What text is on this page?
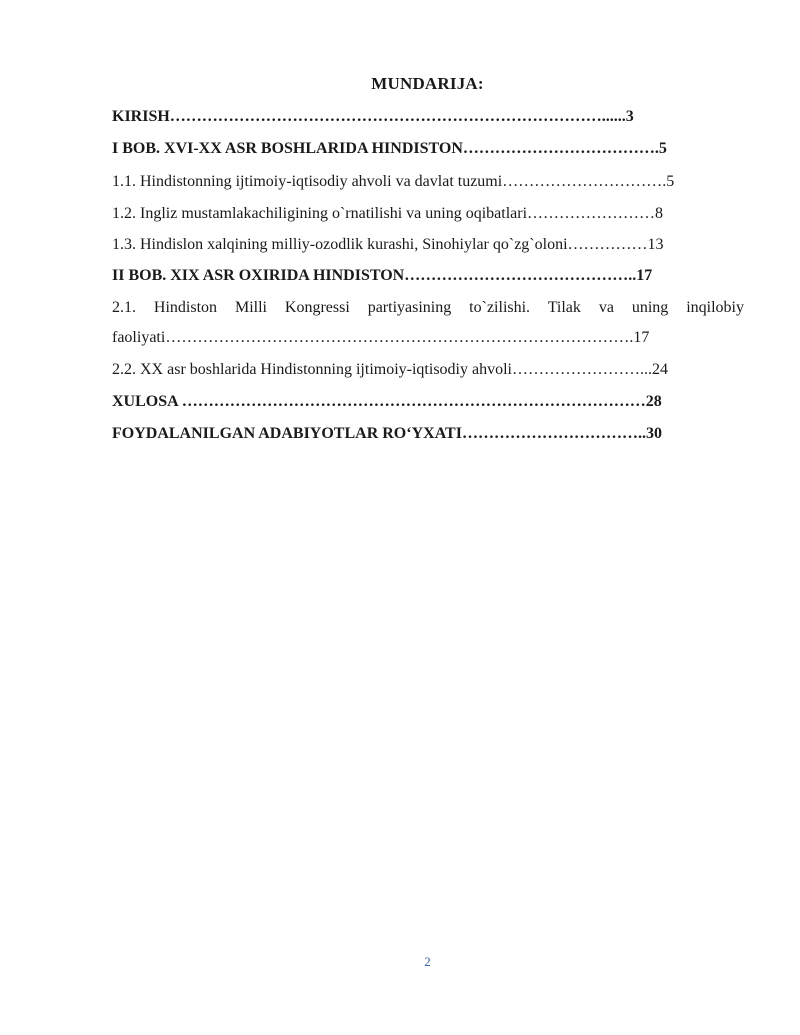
MUNDARIJA:
KIRISH………………………………………………………………………......3
I BOB. XVI-XX ASR BOSHLARIDA HINDISTON……………………………….5
1.1. Hindistonning ijtimoiy-iqtisodiy ahvoli va davlat tuzumi………………………….5
1.2. Ingliz mustamlakachiligining o`rnatilishi va uning oqibatlari……………………8
1.3. Hindislon xalqining milliy-ozodlik kurashi, Sinohiylar qo`zg`oloni……………13
II BOB. XIX ASR OXIRIDA HINDISTON……………………………………..17
2.1. Hindiston Milli Kongressi partiyasining to`zilishi. Tilak va uning inqilobiy
faoliyati…………………………………………………………………………….17
2.2. XX asr boshlarida Hindistonning ijtimoiy-iqtisodiy ahvoli……………………...24
XULOSA ……………………………………………………………………………28
FOYDALANILGAN ADABIYOTLAR RO‘YXATI……………………………..30
2
